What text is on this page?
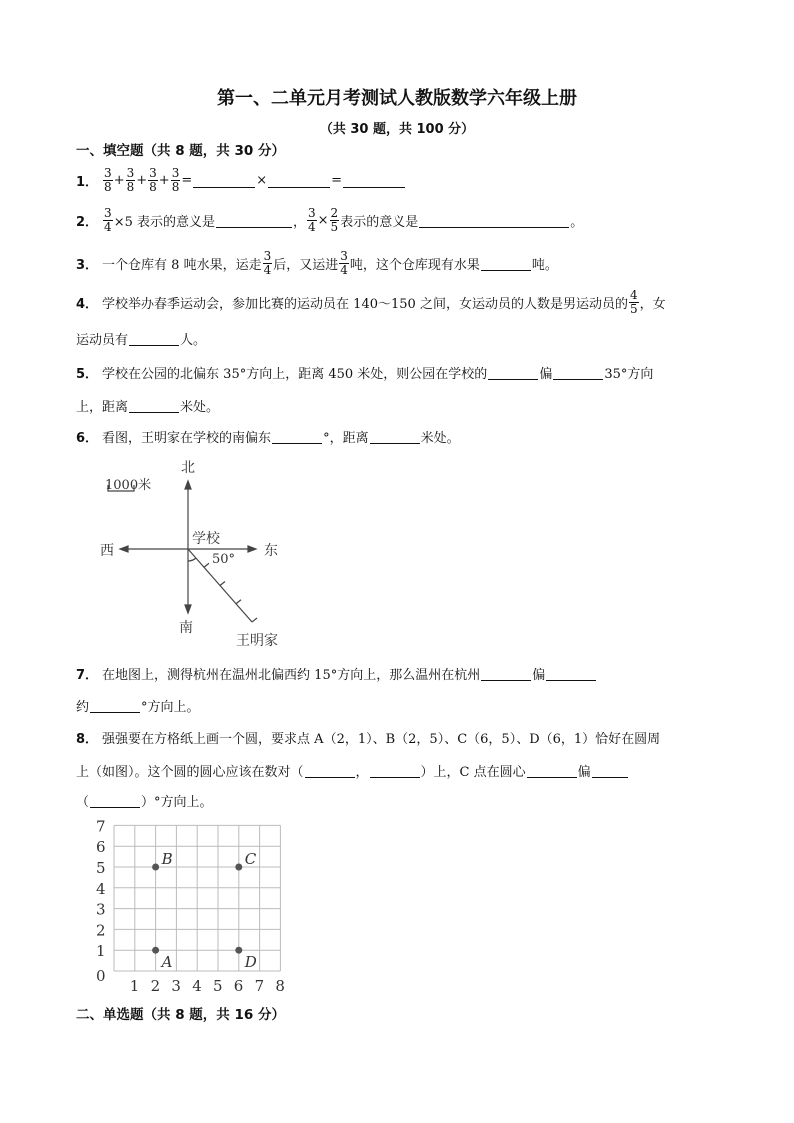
第一、二单元月考测试人教版数学六年级上册
（共 30 题，共 100 分）
一、填空题（共 8 题，共 30 分）
二、单选题（共 8 题，共 16 分）
1． $\frac{3}{8} + \frac{3}{8} + \frac{3}{8} + \frac{3}{8}$ =	×	=
2． $\frac{3}{4} \times 5$ 表示的意义是	， $\frac{3}{4} \times \frac{2}{5}$ 表示的意义是	。
3． 一个仓库有 8 吨水果，运走 $\frac{3}{4}$ 后，又运进 $\frac{3}{4}$ 吨，这个仓库现有水果	吨。
4． 学校举办春季运动会，参加比赛的运动员在 140～150 之间，女运动员的人数是男运动员的 $\frac{4}{5}$ ，女
运动员有	人。
5． 学校在公园的北偏东 35°方向上，距离 450 米处，则公园在学校的	偏	35°方向
上，距离	米处。
6． 看图，王明家在学校的南偏东	°，距离	米处。
7． 在地图上，测得杭州在温州北偏西约 15°方向上，那么温州在杭州	偏
约	°方向上。
8． 强强要在方格纸上画一个圆，要求点 A（2，1）、B（2，5）、C（6，5）、D（6，1）恰好在圆周
上（如图）。这个圆的圆心应该在数对（	，	）上，C 点在圆心	偏
（	）°方向上。
北
南
西	东
学校
50°
王明家
1000米
0
1 2 3 4 5 6 7 8
1
2
3
4
5
6
7
A
B	C
D
